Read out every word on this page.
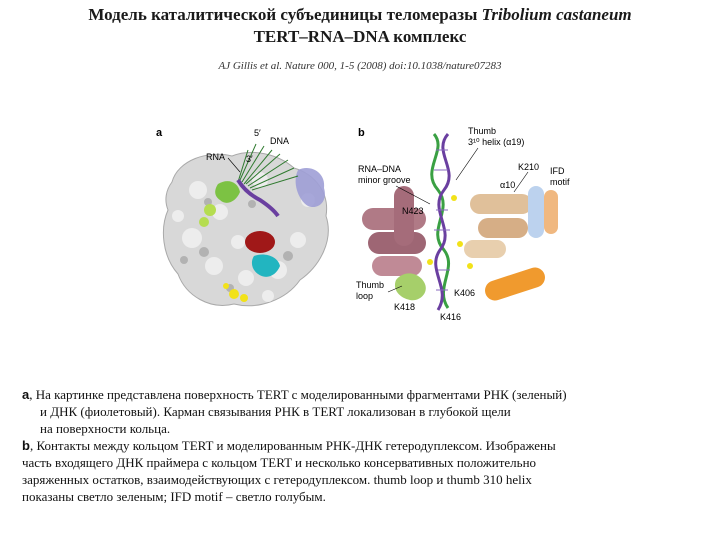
Модель каталитической субъединицы теломеразы Tribolium castaneum
TERT–RNA–DNA комплекс
AJ Gillis et al. Nature 000, 1-5 (2008) doi:10.1038/nature07283
a
RNA
5′
DNA
3′
b	Thumb
3¹⁰ helix (α19)
RNA–DNA
minor groove
K210 IFD
motif
α10
N423
Thumb
loop	K406
K418
K416

a, На картинке представлена поверхность TERT с моделированными фрагментами РНК (зеленый)

и ДНК (фиолетовый). Карман связывания РНК в TERT локализован в глубокой щели

на поверхности кольца.

b, Контакты между кольцом TERT и моделированным РНК-ДНК гетеродуплексом. Изображены

часть входящего ДНК праймера с кольцом TERT и несколько консервативных положительно

заряженных остатков, взаимодействующих с гетеродуплексом. thumb loop и thumb 310 helix

показаны светло зеленым; IFD motif – светло голубым.
